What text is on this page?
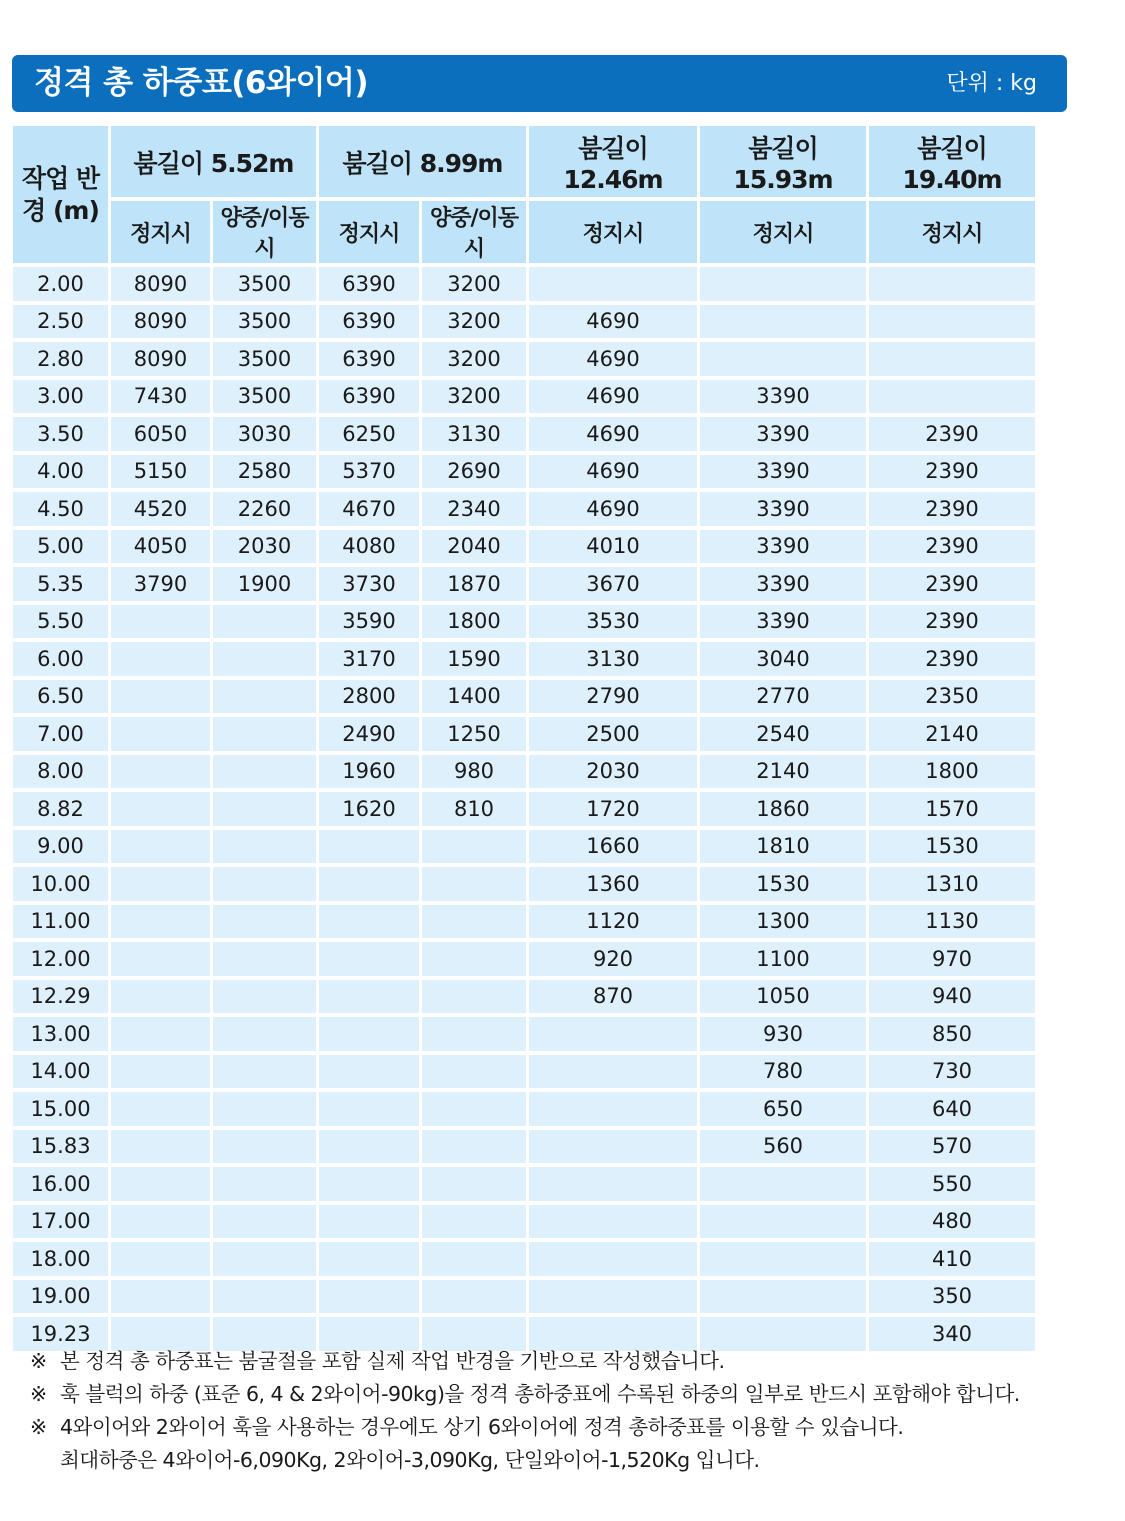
정격 총 하중표(6와이어)	단위 : kg
작업 반경 (m)	붐길이 5.52m		붐길이 8.99m		붐길이 12.46m	붐길이 15.93m	붐길이 19.40m
	정지시	양중/이동시	정지시	양중/이동시	정지시	정지시	정지시
2.00	8090	3500	6390	3200			
2.50	8090	3500	6390	3200	4690		
2.80	8090	3500	6390	3200	4690		
3.00	7430	3500	6390	3200	4690	3390	
3.50	6050	3030	6250	3130	4690	3390	2390
4.00	5150	2580	5370	2690	4690	3390	2390
4.50	4520	2260	4670	2340	4690	3390	2390
5.00	4050	2030	4080	2040	4010	3390	2390
5.35	3790	1900	3730	1870	3670	3390	2390
5.50			3590	1800	3530	3390	2390
6.00			3170	1590	3130	3040	2390
6.50			2800	1400	2790	2770	2350
7.00			2490	1250	2500	2540	2140
8.00			1960	980	2030	2140	1800
8.82			1620	810	1720	1860	1570
9.00					1660	1810	1530
10.00					1360	1530	1310
11.00					1120	1300	1130
12.00					920	1100	970
12.29					870	1050	940
13.00						930	850
14.00						780	730
15.00						650	640
15.83						560	570
16.00							550
17.00							480
18.00							410
19.00							350
19.23							340
※ 본 정격 총 하중표는 붐굴절을 포함 실제 작업 반경을 기반으로 작성했습니다.
※ 훅 블럭의 하중 (표준 6, 4 & 2와이어-90kg)을 정격 총하중표에 수록된 하중의 일부로 반드시 포함해야 합니다.
※ 4와이어와 2와이어 훅을 사용하는 경우에도 상기 6와이어에 정격 총하중표를 이용할 수 있습니다.
최대하중은 4와이어-6,090Kg, 2와이어-3,090Kg, 단일와이어-1,520Kg 입니다.
